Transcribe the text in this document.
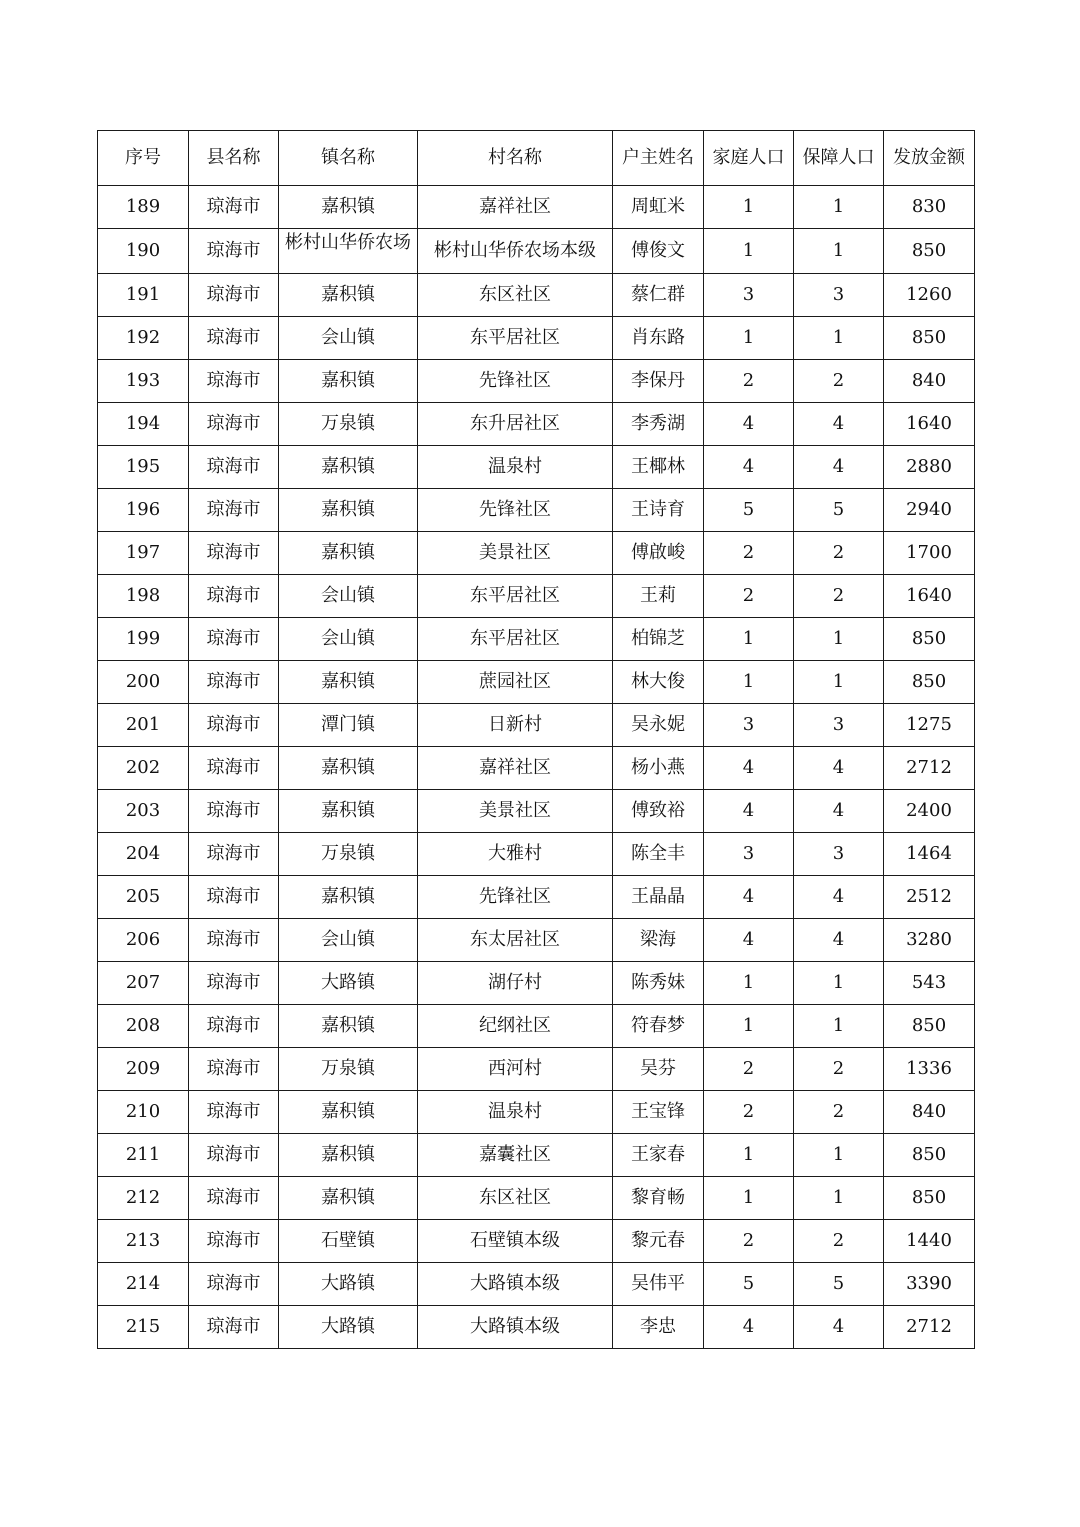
序号	县名称	镇名称	村名称	户主姓名	家庭人口	保障人口	发放金额
189	琼海市	嘉积镇	嘉祥社区	周虹米	1	1	830
190	琼海市	彬村山华侨农场	彬村山华侨农场本级	傅俊文	1	1	850
191	琼海市	嘉积镇	东区社区	蔡仁群	3	3	1260
192	琼海市	会山镇	东平居社区	肖东路	1	1	850
193	琼海市	嘉积镇	先锋社区	李保丹	2	2	840
194	琼海市	万泉镇	东升居社区	李秀湖	4	4	1640
195	琼海市	嘉积镇	温泉村	王椰林	4	4	2880
196	琼海市	嘉积镇	先锋社区	王诗育	5	5	2940
197	琼海市	嘉积镇	美景社区	傅啟峻	2	2	1700
198	琼海市	会山镇	东平居社区	王莉	2	2	1640
199	琼海市	会山镇	东平居社区	柏锦芝	1	1	850
200	琼海市	嘉积镇	蔗园社区	林大俊	1	1	850
201	琼海市	潭门镇	日新村	吴永妮	3	3	1275
202	琼海市	嘉积镇	嘉祥社区	杨小燕	4	4	2712
203	琼海市	嘉积镇	美景社区	傅致裕	4	4	2400
204	琼海市	万泉镇	大雅村	陈全丰	3	3	1464
205	琼海市	嘉积镇	先锋社区	王晶晶	4	4	2512
206	琼海市	会山镇	东太居社区	梁海	4	4	3280
207	琼海市	大路镇	湖仔村	陈秀妹	1	1	543
208	琼海市	嘉积镇	纪纲社区	符春梦	1	1	850
209	琼海市	万泉镇	西河村	吴芬	2	2	1336
210	琼海市	嘉积镇	温泉村	王宝锋	2	2	840
211	琼海市	嘉积镇	嘉囊社区	王家春	1	1	850
212	琼海市	嘉积镇	东区社区	黎育畅	1	1	850
213	琼海市	石壁镇	石壁镇本级	黎元春	2	2	1440
214	琼海市	大路镇	大路镇本级	吴伟平	5	5	3390
215	琼海市	大路镇	大路镇本级	李忠	4	4	2712
